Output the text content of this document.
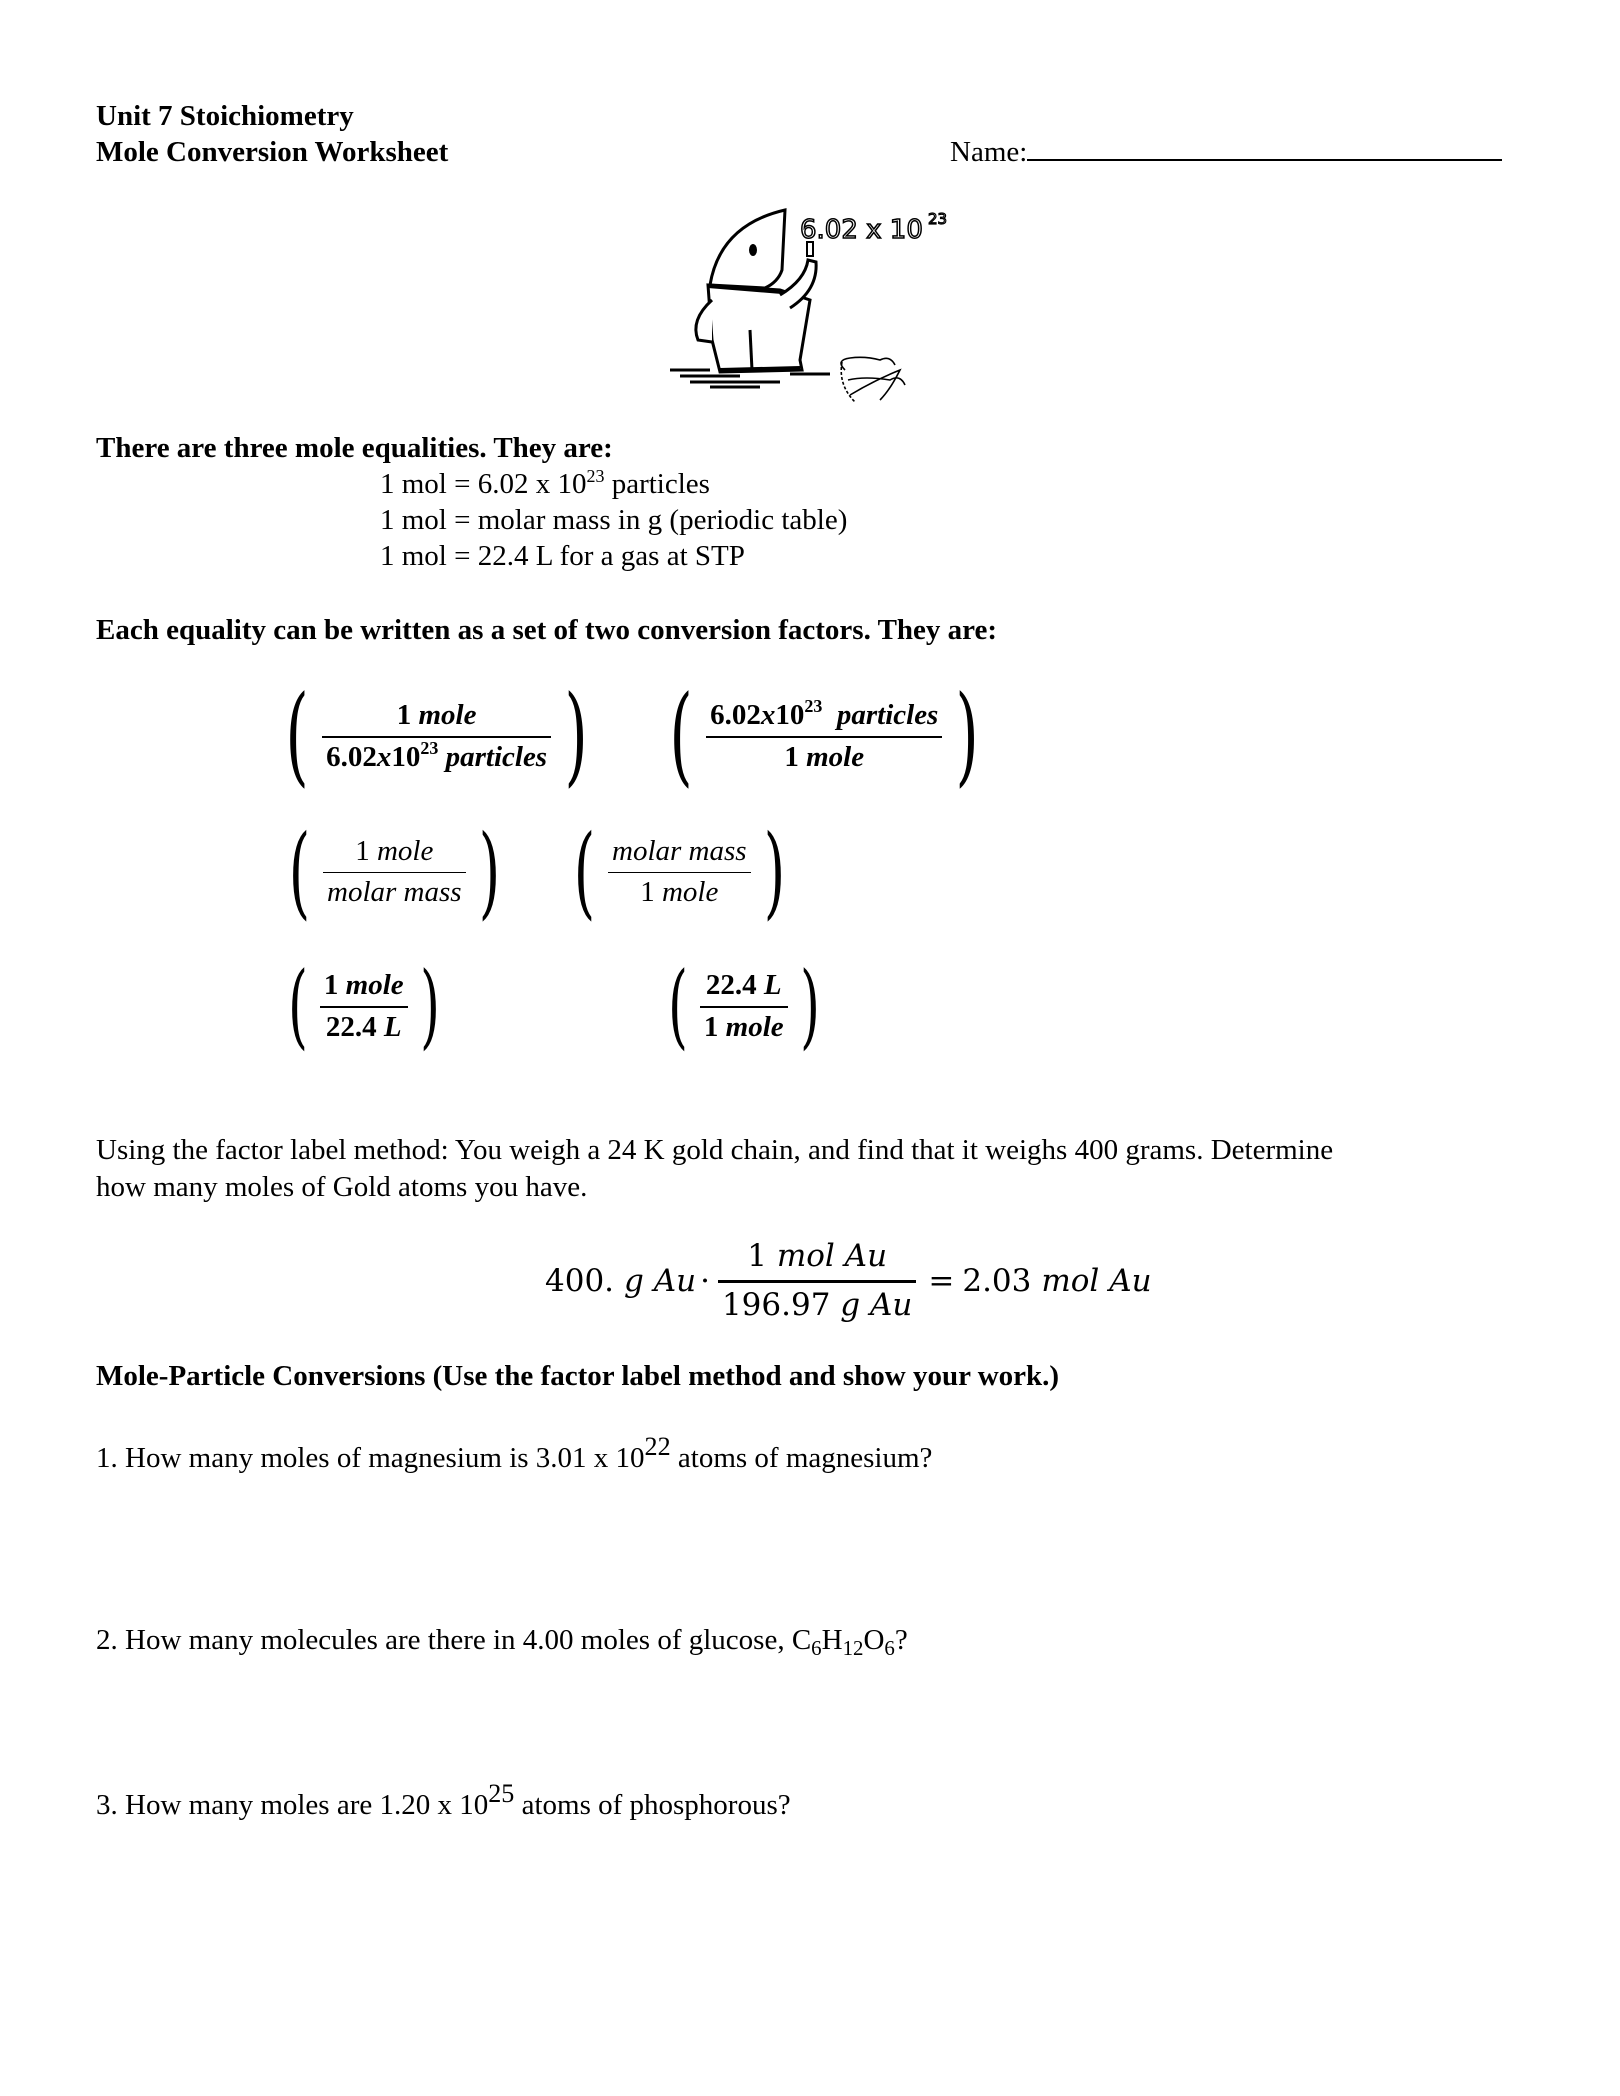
Unit 7 Stoichiometry
Mole Conversion Worksheet	Name:
6.02 x 10 23
There are three mole equalities. They are:
1 mol = 6.02 x $10^{23}$ particles
1 mol = molar mass in g (periodic table)
1 mol = 22.4 L for a gas at STP
Each equality can be written as a set of two conversion factors. They are:
( $\frac{\text{1 mole}}{6.02x10^{23} particles}$ ) ( $\frac{6.02x10^{23} particles}{\text{1 mole}}$ )
( $\frac{\text{1 mole}}{\text{molar mass}}$ ) ( $\frac{\text{molar mass}}{\text{1 mole}}$ )
( $\frac{\text{1 mole}}{22.4 L}$ ) ( $\frac{22.4 L}{\text{1 mole}}$ )
Using the factor label method: You weigh a 24 K gold chain, and find that it weighs 400 grams. Determine
how many moles of Gold atoms you have.
400. g $Au \cdot \frac{\text{1 mol Au}}{\text{196.97 g Au}} = 2.03$ mol Au
Mole-Particle Conversions (Use the factor label method and show your work.)
1. How many moles of magnesium is 3.01 x 1022 atoms of magnesium?
2. How many molecules are there in 4.00 moles of glucose, $C_6H_{12}O_6$?
3. How many moles are 1.20 x 1025 atoms of phosphorous?
